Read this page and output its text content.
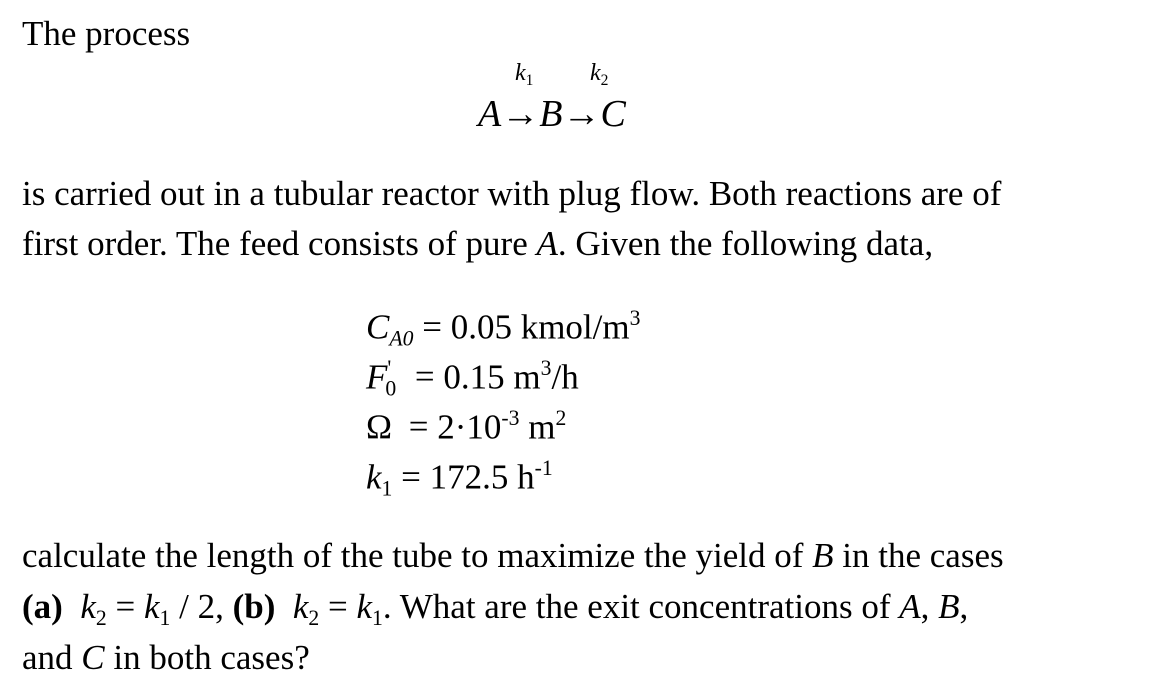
The process
$k_1$ $k_2$
A→B→C
is carried out in a tubular reactor with plug flow. Both reactions are of
first order. The feed consists of pure A. Given the following data,
$C_{A0} = 0.05$ kmol/$m^3$
$F'_0 = 0.15$ $m^3/h$
$\Omega = 2\cdot 10^{-3}$ $m^2$
$k_1 = 172.5$ $h^{-1}$
calculate the length of the tube to maximize the yield of B in the cases
(a) $k_2 = k_1 / 2$, (b) $k_2 = k_1$. What are the exit concentrations of A, B,
and C in both cases?
